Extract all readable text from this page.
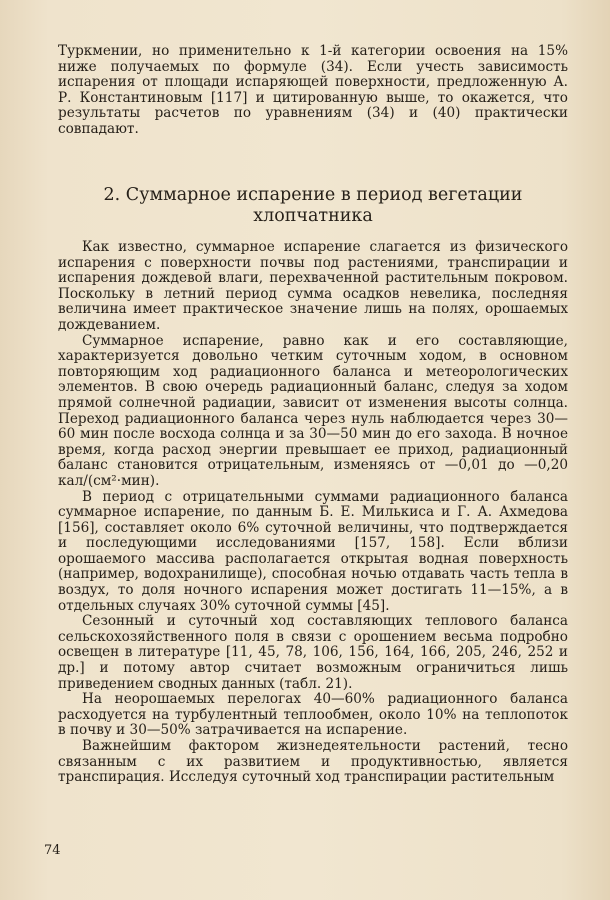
Туркмении, но применительно к 1-й категории освоения на 15% ниже получаемых по формуле (34). Если учесть зависимость испарения от площади испаряющей поверхности, предложенную А. Р. Константиновым [117] и цитированную выше, то окажется, что результаты расчетов по уравнениям (34) и (40) практически совпадают.

2. Суммарное испарение в период вегетации
хлопчатника

Как известно, суммарное испарение слагается из физического испарения с поверхности почвы под растениями, транспирации и испарения дождевой влаги, перехваченной растительным покровом. Поскольку в летний период сумма осадков невелика, последняя величина имеет практическое значение лишь на полях, орошаемых дождеванием.

Суммарное испарение, равно как и его составляющие, характеризуется довольно четким суточным ходом, в основном повторяющим ход радиационного баланса и метеорологических элементов. В свою очередь радиационный баланс, следуя за ходом прямой солнечной радиации, зависит от изменения высоты солнца. Переход радиационного баланса через нуль наблюдается через 30—60 мин после восхода солнца и за 30—50 мин до его захода. В ночное время, когда расход энергии превышает ее приход, радиационный баланс становится отрицательным, изменяясь от —0,01 до —0,20 кал/(см²·мин).

В период с отрицательными суммами радиационного баланса суммарное испарение, по данным Б. Е. Милькиса и Г. А. Ахмедова [156], составляет около 6% суточной величины, что подтверждается и последующими исследованиями [157, 158]. Если вблизи орошаемого массива располагается открытая водная поверхность (например, водохранилище), способная ночью отдавать часть тепла в воздух, то доля ночного испарения может достигать 11—15%, а в отдельных случаях 30% суточной суммы [45].

Сезонный и суточный ход составляющих теплового баланса сельскохозяйственного поля в связи с орошением весьма подробно освещен в литературе [11, 45, 78, 106, 156, 164, 166, 205, 246, 252 и др.] и потому автор считает возможным ограничиться лишь приведением сводных данных (табл. 21).

На неорошаемых перелогах 40—60% радиационного баланса расходуется на турбулентный теплообмен, около 10% на теплопоток в почву и 30—50% затрачивается на испарение.

Важнейшим фактором жизнедеятельности растений, тесно связанным с их развитием и продуктивностью, является транспирация. Исследуя суточный ход транспирации растительным

74
